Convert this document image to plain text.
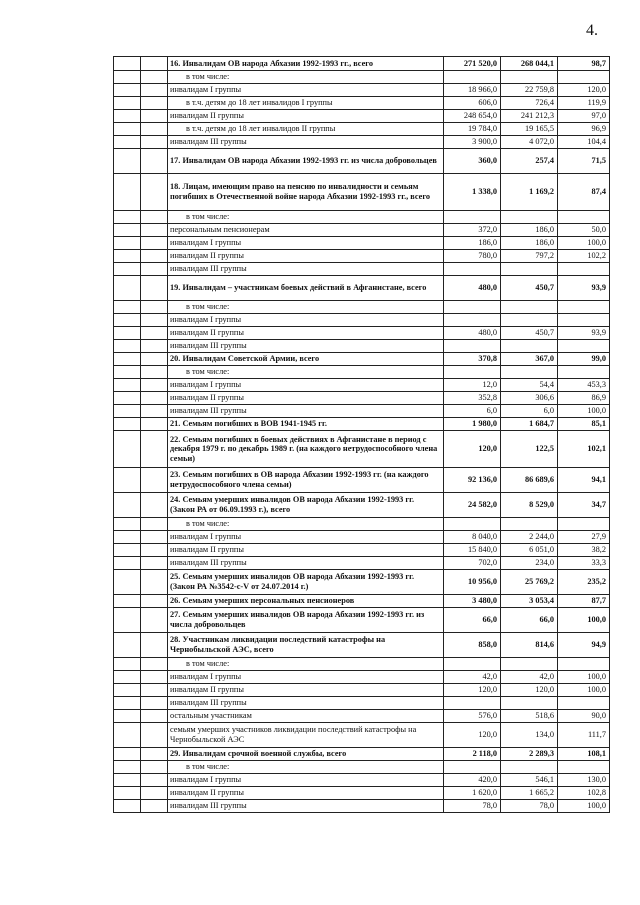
4.
		16. Инвалидам ОВ народа Абхазии 1992-1993 гг., всего	271 520,0	268 044,1	98,7
		в том числе:			
		инвалидам I группы	18 966,0	22 759,8	120,0
		в т.ч. детям до 18 лет инвалидов I группы	606,0	726,4	119,9
		инвалидам II группы	248 654,0	241 212,3	97,0
		в т.ч. детям до 18 лет инвалидов II группы	19 784,0	19 165,5	96,9
		инвалидам III группы	3 900,0	4 072,0	104,4
		17. Инвалидам ОВ народа Абхазии 1992-1993 гг. из числа добровольцев	360,0	257,4	71,5
		18. Лицам, имеющим право на пенсию по инвалидности и семьям погибших в Отечественной войне народа Абхазии 1992-1993 гг., всего	1 338,0	1 169,2	87,4
		в том числе:			
		персональным пенсионерам	372,0	186,0	50,0
		инвалидам I группы	186,0	186,0	100,0
		инвалидам II группы	780,0	797,2	102,2
		инвалидам III группы			
		19. Инвалидам – участникам боевых действий в Афганистане, всего	480,0	450,7	93,9
		в том числе:			
		инвалидам I группы			
		инвалидам II группы	480,0	450,7	93,9
		инвалидам III группы			
		20. Инвалидам Советской Армии, всего	370,8	367,0	99,0
		в том числе:			
		инвалидам I группы	12,0	54,4	453,3
		инвалидам II группы	352,8	306,6	86,9
		инвалидам III группы	6,0	6,0	100,0
		21. Семьям погибших в ВОВ 1941-1945 гг.	1 980,0	1 684,7	85,1
		22. Семьям погибших в боевых действиях в Афганистане в период с декабря 1979 г. по декабрь 1989 г. (на каждого нетрудоспособного члена семьи)	120,0	122,5	102,1
		23. Семьям погибших в ОВ народа Абхазии 1992-1993 гг. (на каждого нетрудоспособного члена семьи)	92 136,0	86 689,6	94,1
		24. Семьям умерших инвалидов ОВ народа Абхазии 1992-1993 гг. (Закон РА от 06.09.1993 г.), всего	24 582,0	8 529,0	34,7
		в том числе:			
		инвалидам I группы	8 040,0	2 244,0	27,9
		инвалидам II группы	15 840,0	6 051,0	38,2
		инвалидам III группы	702,0	234,0	33,3
		25. Семьям умерших инвалидов ОВ народа Абхазии 1992-1993 гг. (Закон РА №3542-с-V от 24.07.2014 г.)	10 956,0	25 769,2	235,2
		26. Семьям умерших персональных пенсионеров	3 480,0	3 053,4	87,7
		27. Семьям умерших инвалидов ОВ народа Абхазии 1992-1993 гг. из числа добровольцев	66,0	66,0	100,0
		28. Участникам ликвидации последствий катастрофы на Чернобыльской АЭС, всего	858,0	814,6	94,9
		в том числе:			
		инвалидам I группы	42,0	42,0	100,0
		инвалидам II группы	120,0	120,0	100,0
		инвалидам III группы			
		остальным участникам	576,0	518,6	90,0
		семьям умерших участников ликвидации последствий катастрофы на Чернобыльской АЭС	120,0	134,0	111,7
		29. Инвалидам срочной военной службы, всего	2 118,0	2 289,3	108,1
		в том числе:			
		инвалидам I группы	420,0	546,1	130,0
		инвалидам II группы	1 620,0	1 665,2	102,8
		инвалидам III группы	78,0	78,0	100,0
